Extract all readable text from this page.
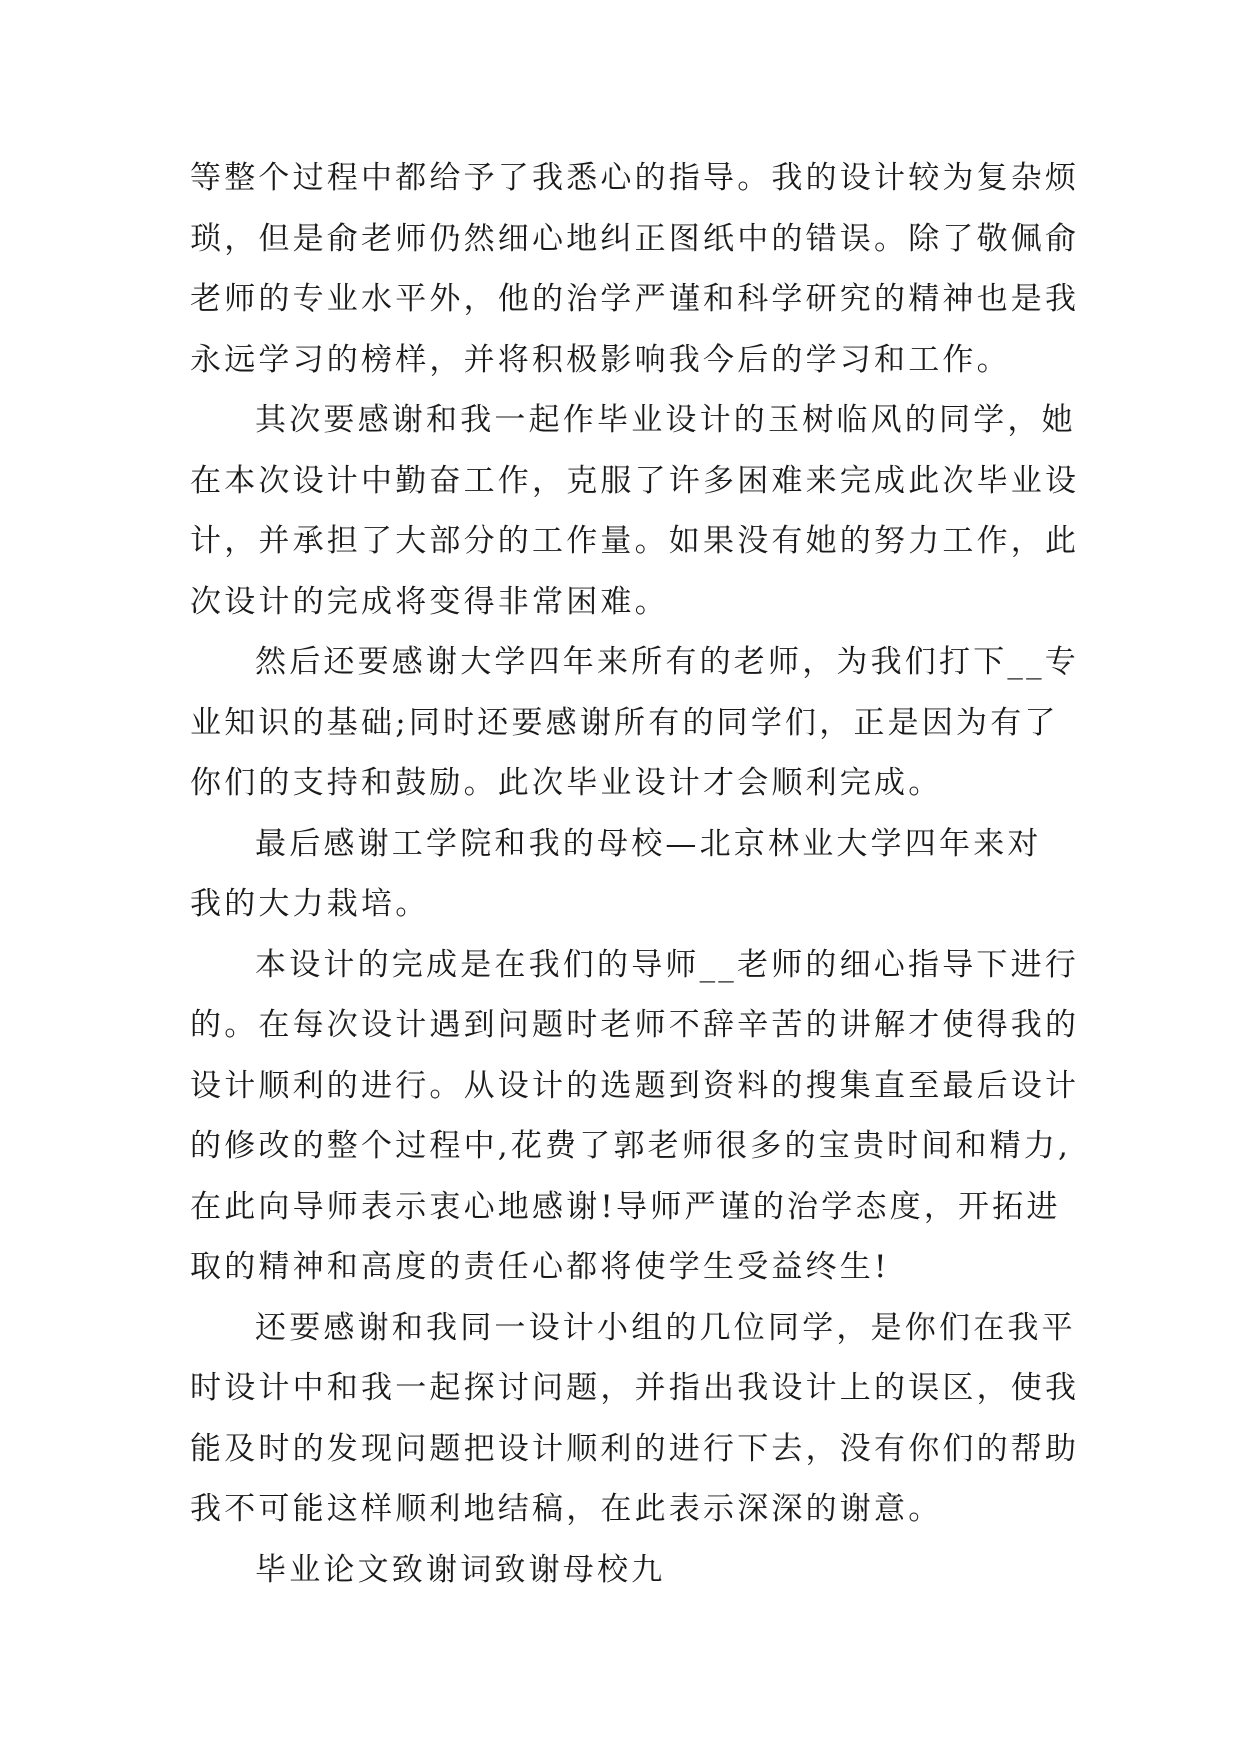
等整个过程中都给予了我悉心的指导。我的设计较为复杂烦
琐，但是俞老师仍然细心地纠正图纸中的错误。除了敬佩俞
老师的专业水平外，他的治学严谨和科学研究的精神也是我
永远学习的榜样，并将积极影响我今后的学习和工作。
其次要感谢和我一起作毕业设计的玉树临风的同学，她
在本次设计中勤奋工作，克服了许多困难来完成此次毕业设
计，并承担了大部分的工作量。如果没有她的努力工作，此
次设计的完成将变得非常困难。
然后还要感谢大学四年来所有的老师，为我们打下__专
业知识的基础;同时还要感谢所有的同学们，正是因为有了
你们的支持和鼓励。此次毕业设计才会顺利完成。
最后感谢工学院和我的母校—北京林业大学四年来对
我的大力栽培。
本设计的完成是在我们的导师__老师的细心指导下进行
的。在每次设计遇到问题时老师不辞辛苦的讲解才使得我的
设计顺利的进行。从设计的选题到资料的搜集直至最后设计
的修改的整个过程中,花费了郭老师很多的宝贵时间和精力,
在此向导师表示衷心地感谢!导师严谨的治学态度，开拓进
取的精神和高度的责任心都将使学生受益终生!
还要感谢和我同一设计小组的几位同学，是你们在我平
时设计中和我一起探讨问题，并指出我设计上的误区，使我
能及时的发现问题把设计顺利的进行下去，没有你们的帮助
我不可能这样顺利地结稿，在此表示深深的谢意。
毕业论文致谢词致谢母校九
